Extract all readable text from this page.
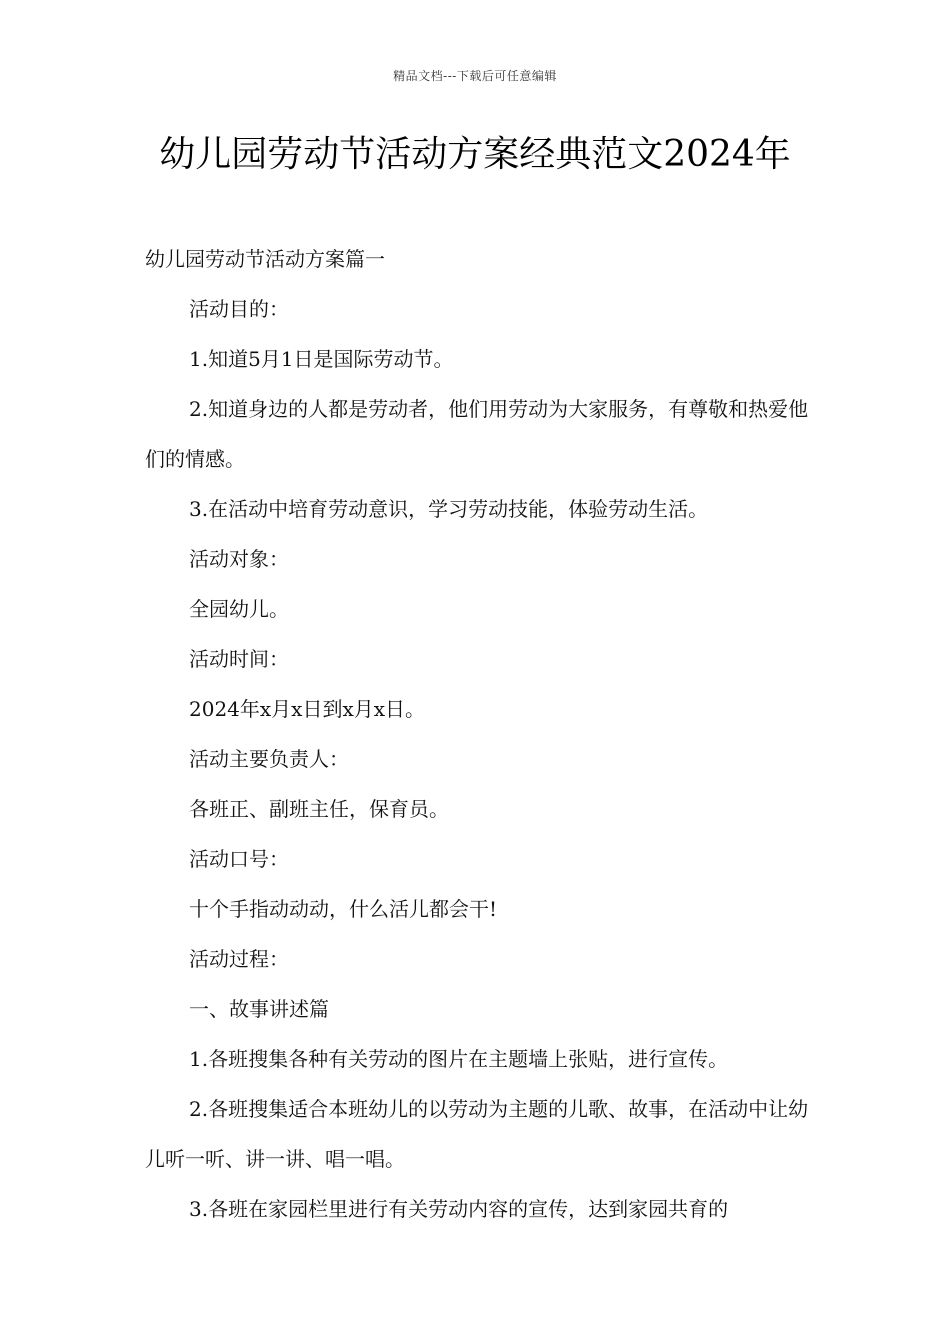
精品文档---下载后可任意编辑
幼儿园劳动节活动方案经典范文2024年

幼儿园劳动节活动方案篇一

活动目的：

1.知道5月1日是国际劳动节。

2.知道身边的人都是劳动者，他们用劳动为大家服务，有尊敬和热爱他们的情感。

3.在活动中培育劳动意识，学习劳动技能，体验劳动生活。

活动对象：

全园幼儿。

活动时间：

2024年x月x日到x月x日。

活动主要负责人：

各班正、副班主任，保育员。

活动口号：

十个手指动动动，什么活儿都会干!

活动过程：

一、故事讲述篇

1.各班搜集各种有关劳动的图片在主题墙上张贴，进行宣传。

2.各班搜集适合本班幼儿的以劳动为主题的儿歌、故事，在活动中让幼儿听一听、讲一讲、唱一唱。

3.各班在家园栏里进行有关劳动内容的宣传，达到家园共育的
